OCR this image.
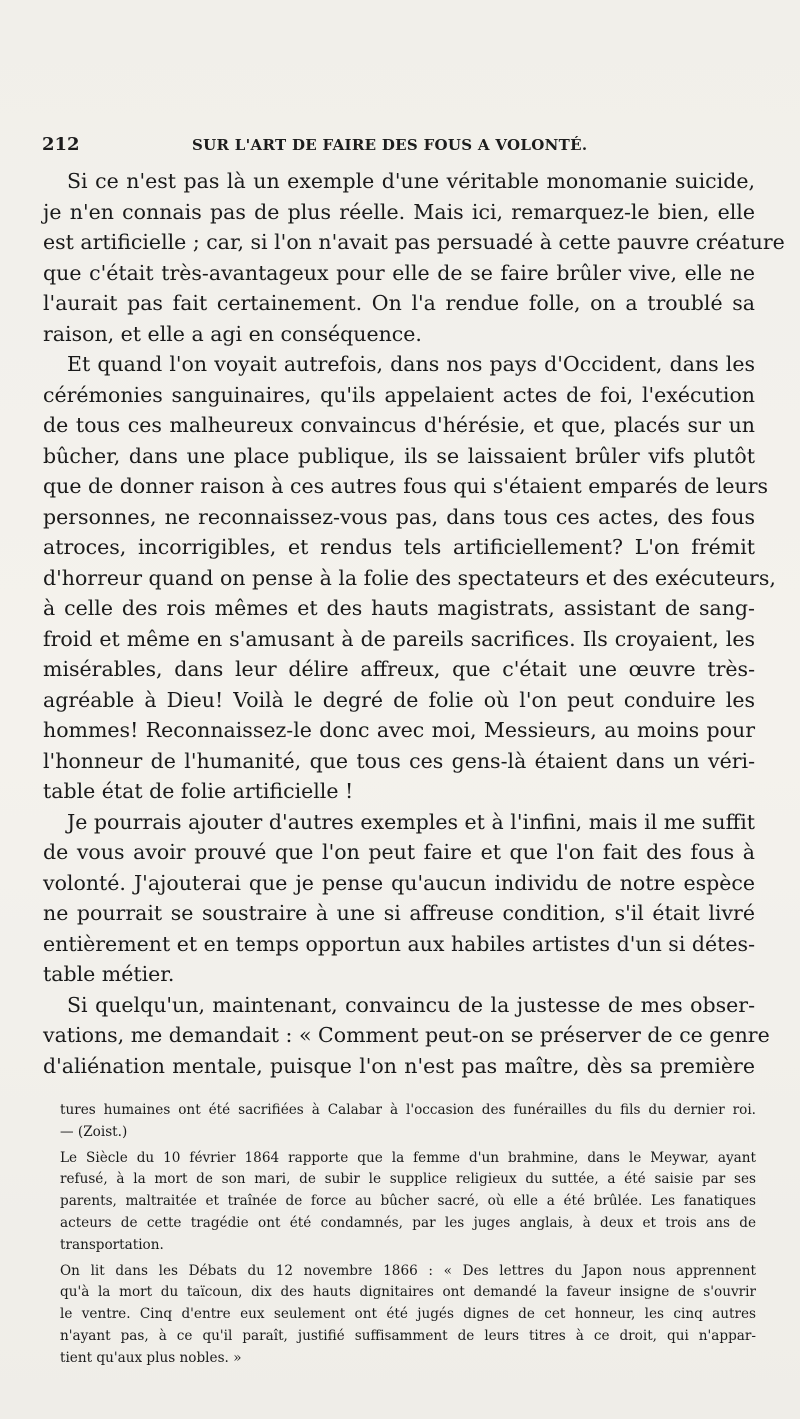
212	SUR L'ART DE FAIRE DES FOUS A VOLONTÉ.
Si ce n'est pas là un exemple d'une véritable monomanie suicide,
je n'en connais pas de plus réelle. Mais ici, remarquez-le bien, elle
est artificielle ; car, si l'on n'avait pas persuadé à cette pauvre créature
que c'était très-avantageux pour elle de se faire brûler vive, elle ne
l'aurait pas fait certainement. On l'a rendue folle, on a troublé sa
raison, et elle a agi en conséquence.
Et quand l'on voyait autrefois, dans nos pays d'Occident, dans les
cérémonies sanguinaires, qu'ils appelaient actes de foi, l'exécution
de tous ces malheureux convaincus d'hérésie, et que, placés sur un
bûcher, dans une place publique, ils se laissaient brûler vifs plutôt
que de donner raison à ces autres fous qui s'étaient emparés de leurs
personnes, ne reconnaissez-vous pas, dans tous ces actes, des fous
atroces, incorrigibles, et rendus tels artificiellement? L'on frémit
d'horreur quand on pense à la folie des spectateurs et des exécuteurs,
à celle des rois mêmes et des hauts magistrats, assistant de sang-
froid et même en s'amusant à de pareils sacrifices. Ils croyaient, les
misérables, dans leur délire affreux, que c'était une œuvre très-
agréable à Dieu! Voilà le degré de folie où l'on peut conduire les
hommes! Reconnaissez-le donc avec moi, Messieurs, au moins pour
l'honneur de l'humanité, que tous ces gens-là étaient dans un véri-
table état de folie artificielle !
Je pourrais ajouter d'autres exemples et à l'infini, mais il me suffit
de vous avoir prouvé que l'on peut faire et que l'on fait des fous à
volonté. J'ajouterai que je pense qu'aucun individu de notre espèce
ne pourrait se soustraire à une si affreuse condition, s'il était livré
entièrement et en temps opportun aux habiles artistes d'un si détes-
table métier.
Si quelqu'un, maintenant, convaincu de la justesse de mes obser-
vations, me demandait : « Comment peut-on se préserver de ce genre
d'aliénation mentale, puisque l'on n'est pas maître, dès sa première
tures humaines ont été sacrifiées à Calabar à l'occasion des funérailles du fils du dernier roi.
— (Zoist.)
Le Siècle du 10 février 1864 rapporte que la femme d'un brahmine, dans le Meywar, ayant
refusé, à la mort de son mari, de subir le supplice religieux du suttée, a été saisie par ses
parents, maltraitée et traînée de force au bûcher sacré, où elle a été brûlée. Les fanatiques
acteurs de cette tragédie ont été condamnés, par les juges anglais, à deux et trois ans de
transportation.
On lit dans les Débats du 12 novembre 1866 : « Des lettres du Japon nous apprennent
qu'à la mort du taïcoun, dix des hauts dignitaires ont demandé la faveur insigne de s'ouvrir
le ventre. Cinq d'entre eux seulement ont été jugés dignes de cet honneur, les cinq autres
n'ayant pas, à ce qu'il paraît, justifié suffisamment de leurs titres à ce droit, qui n'appar-
tient qu'aux plus nobles. »
